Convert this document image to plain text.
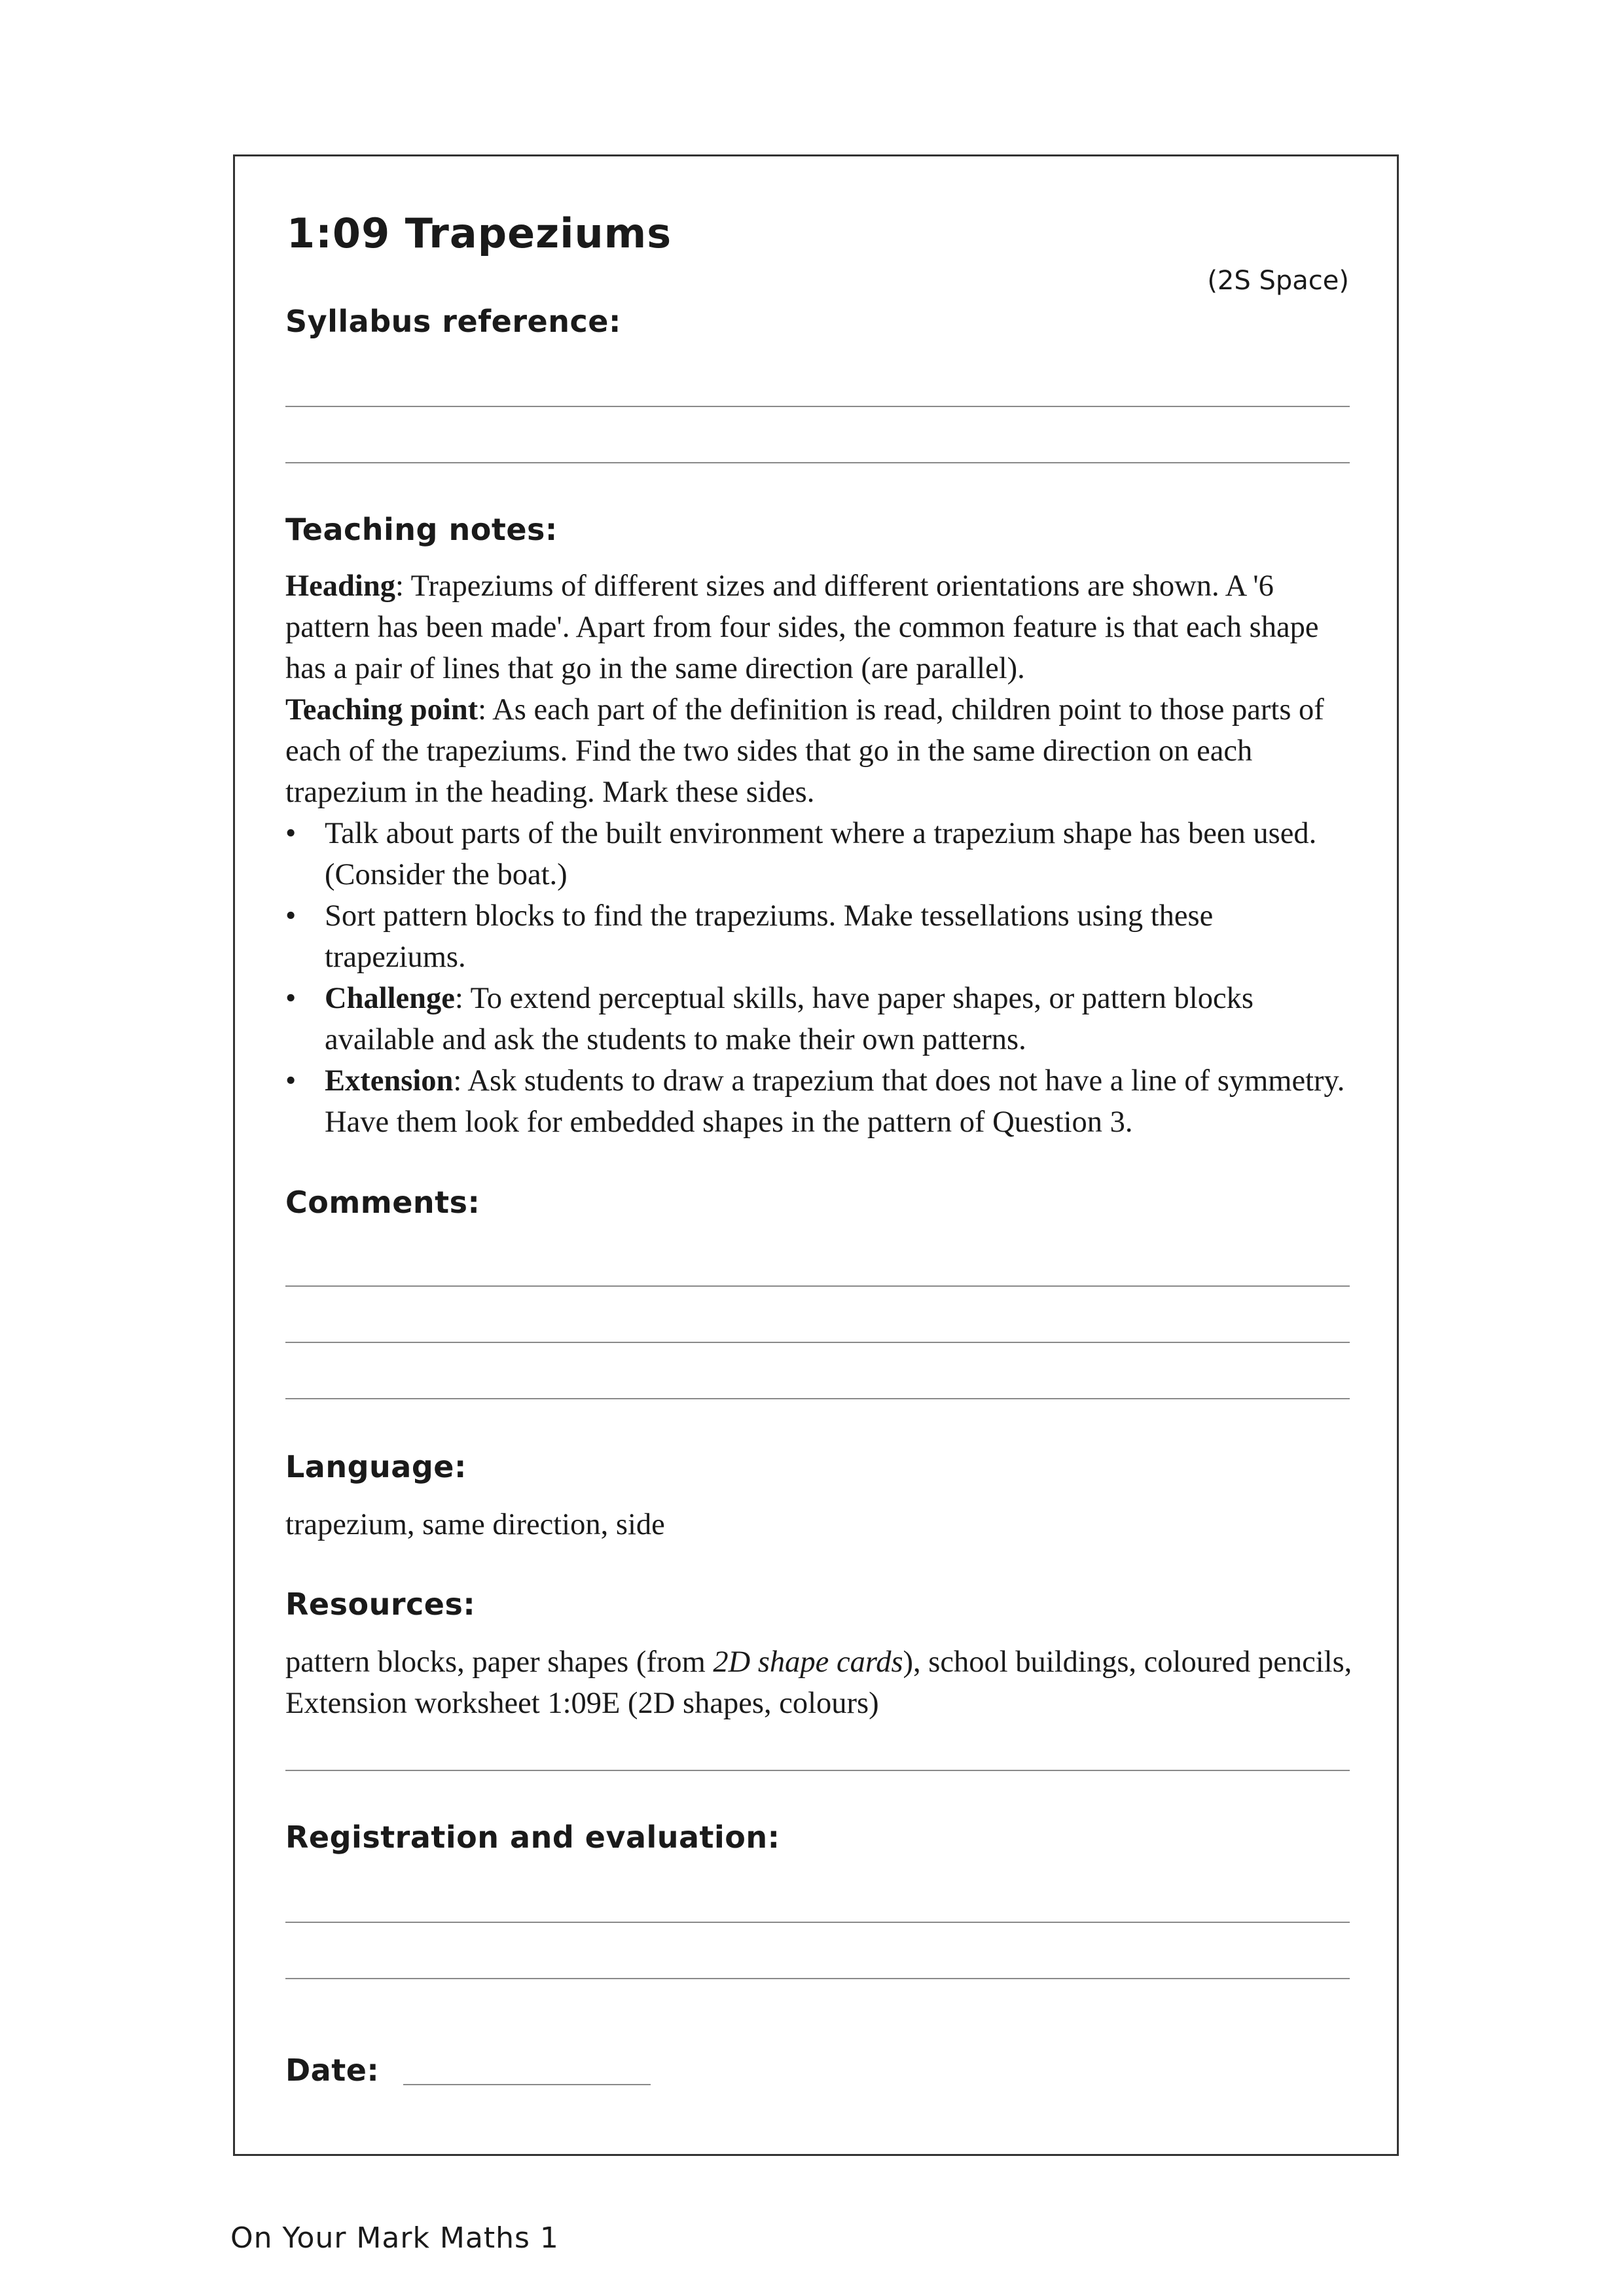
1:09 Trapeziums
(2S Space)
Syllabus reference:
Teaching notes:

Heading: Trapeziums of different sizes and different orientations are shown. A '6 pattern has been made'. Apart from four sides, the common feature is that each shape has a pair of lines that go in the same direction (are parallel).

Teaching point: As each part of the definition is read, children point to those parts of each of the trapeziums. Find the two sides that go in the same direction on each trapezium in the heading. Mark these sides.

• Talk about parts of the built environment where a trapezium shape has been used. (Consider the boat.)
• Sort pattern blocks to find the trapeziums. Make tessellations using these trapeziums.
• Challenge: To extend perceptual skills, have paper shapes, or pattern blocks available and ask the students to make their own patterns.
• Extension: Ask students to draw a trapezium that does not have a line of symmetry. Have them look for embedded shapes in the pattern of Question 3.
Comments:
Language:
trapezium, same direction, side
Resources:
pattern blocks, paper shapes (from 2D shape cards), school buildings, coloured pencils, Extension worksheet 1:09E (2D shapes, colours)
Registration and evaluation:
Date:
On Your Mark Maths 1
